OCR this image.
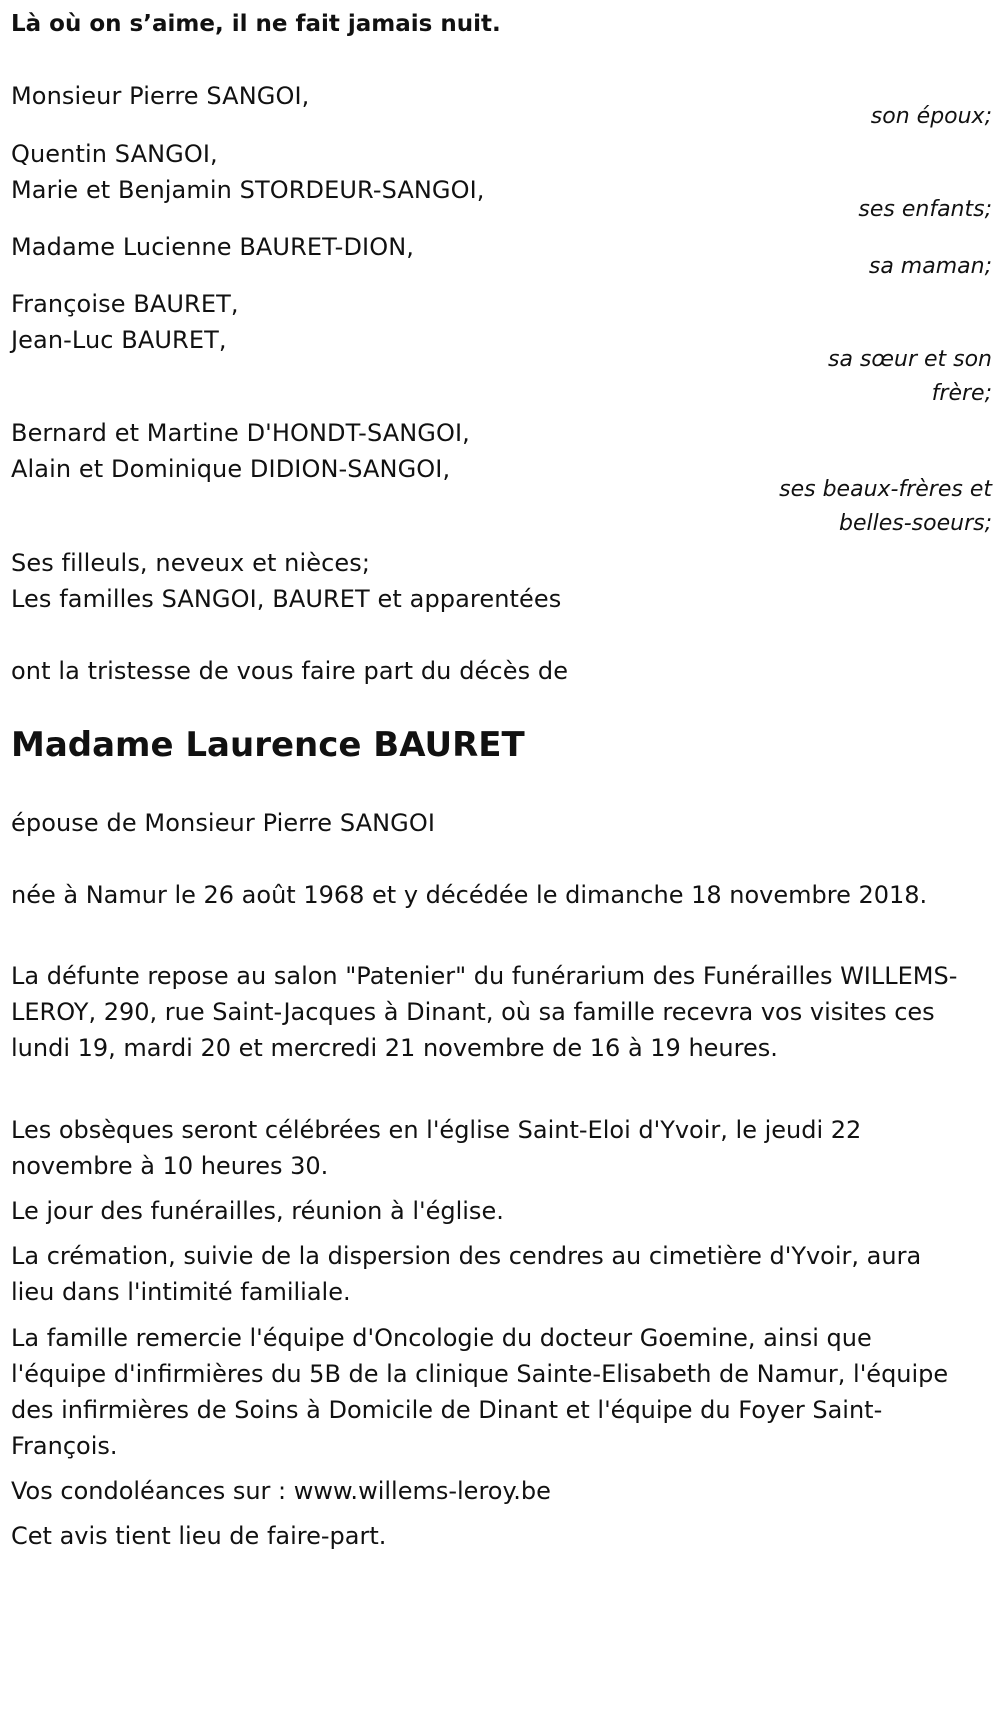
Là où on s’aime, il ne fait jamais nuit.

Monsieur Pierre SANGOI,

son époux;

Quentin SANGOI,

Marie et Benjamin STORDEUR-SANGOI,

ses enfants;

Madame Lucienne BAURET-DION,

sa maman;

Françoise BAURET,

Jean-Luc BAURET,

sa sœur et son frère;

Bernard et Martine D'HONDT-SANGOI,

Alain et Dominique DIDION-SANGOI,

ses beaux-frères et belles-soeurs;

Ses filleuls, neveux et nièces;

Les familles SANGOI, BAURET et apparentées

ont la tristesse de vous faire part du décès de

Madame Laurence BAURET

épouse de Monsieur Pierre SANGOI

née à Namur le 26 août 1968 et y décédée le dimanche 18 novembre 2018.

La défunte repose au salon "Patenier" du funérarium des Funérailles WILLEMS-LEROY, 290, rue Saint-Jacques à Dinant, où sa famille recevra vos visites ces lundi 19, mardi 20 et mercredi 21 novembre de 16 à 19 heures.

Les obsèques seront célébrées en l'église Saint-Eloi d'Yvoir, le jeudi 22 novembre à 10 heures 30.

Le jour des funérailles, réunion à l'église.

La crémation, suivie de la dispersion des cendres au cimetière d'Yvoir, aura lieu dans l'intimité familiale.

La famille remercie l'équipe d'Oncologie du docteur Goemine, ainsi que l'équipe d'infirmières du 5B de la clinique Sainte-Elisabeth de Namur, l'équipe des infirmières de Soins à Domicile de Dinant et l'équipe du Foyer Saint-François.

Vos condoléances sur : www.willems-leroy.be

Cet avis tient lieu de faire-part.
